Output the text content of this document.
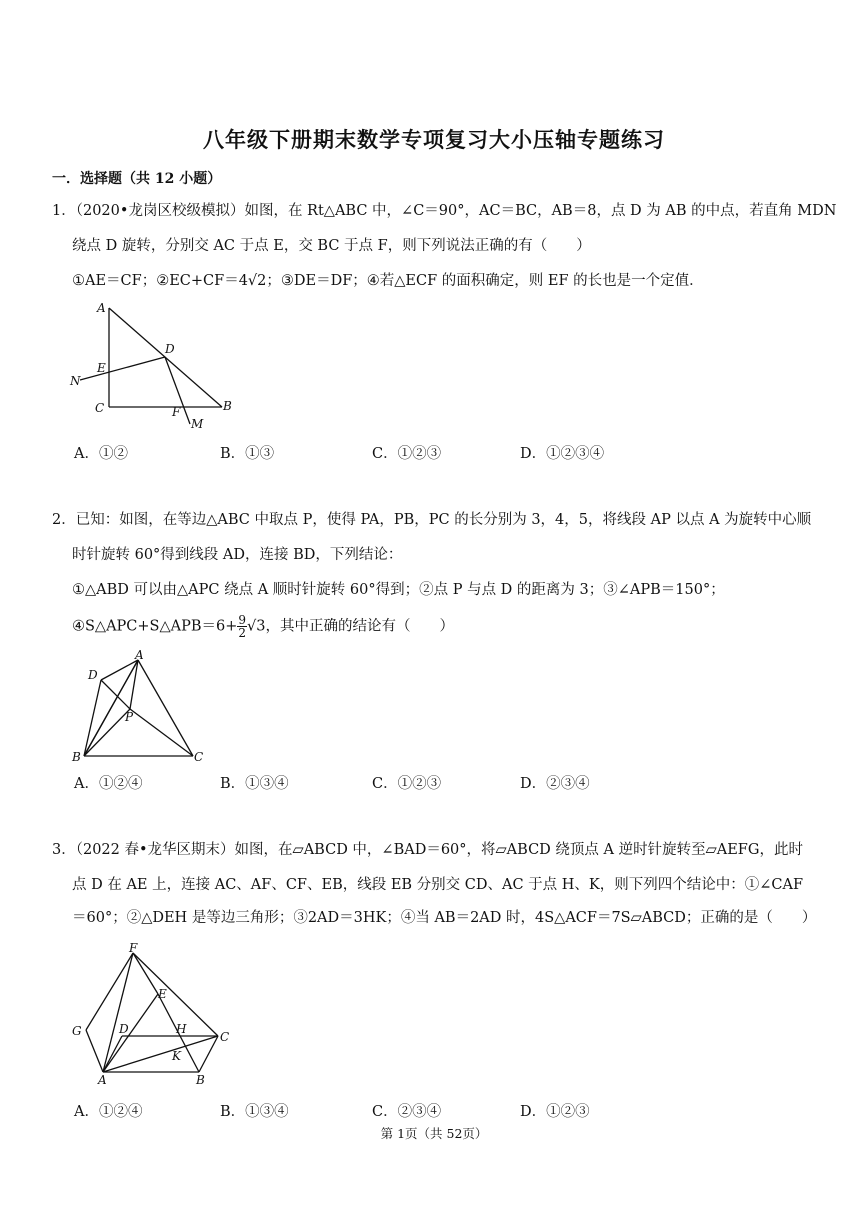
八年级下册期末数学专项复习大小压轴专题练习
一．选择题（共 12 小题）
1．（2020•龙岗区校级模拟）如图，在 Rt△ABC 中，∠C＝90°，AC＝BC，AB＝8，点 D 为 AB 的中点，若直角 MDN
绕点 D 旋转，分别交 AC 于点 E，交 BC 于点 F，则下列说法正确的有（　　）
①AE＝CF；②EC+CF＝4√2；③DE＝DF；④若△ECF 的面积确定，则 EF 的长也是一个定值．
A
D
E
N
C	F	B
M
A．①②	B．①③	C．①②③	D．①②③④
2．已知：如图，在等边△ABC 中取点 P，使得 PA，PB，PC 的长分别为 3，4，5，将线段 AP 以点 A 为旋转中心顺
时针旋转 60°得到线段 AD，连接 BD，下列结论：
①△ABD 可以由△APC 绕点 A 顺时针旋转 60°得到；②点 P 与点 D 的距离为 3；③∠APB＝150°；
④S△APC+S△APB＝6+ $\frac{9}{2} √3$，其中正确的结论有（　　）
A
D
P
B	C
A．①②④	B．①③④	C．①②③	D．②③④
3．（2022 春•龙华区期末）如图，在▱ABCD 中，∠BAD＝60°，将▱ABCD 绕顶点 A 逆时针旋转至▱AEFG，此时
点 D 在 AE 上，连接 AC、AF、CF、EB，线段 EB 分别交 CD、AC 于点 H、K，则下列四个结论中：①∠CAF
＝60°；②△DEH 是等边三角形；③2AD＝3HK；④当 AB＝2AD 时，4S△ACF＝7S▱ABCD；正确的是（　　）
F
E
G	D	H
C
K
A	B
A．①②④	B．①③④	C．②③④	D．①②③
第 1页（共 52页）
